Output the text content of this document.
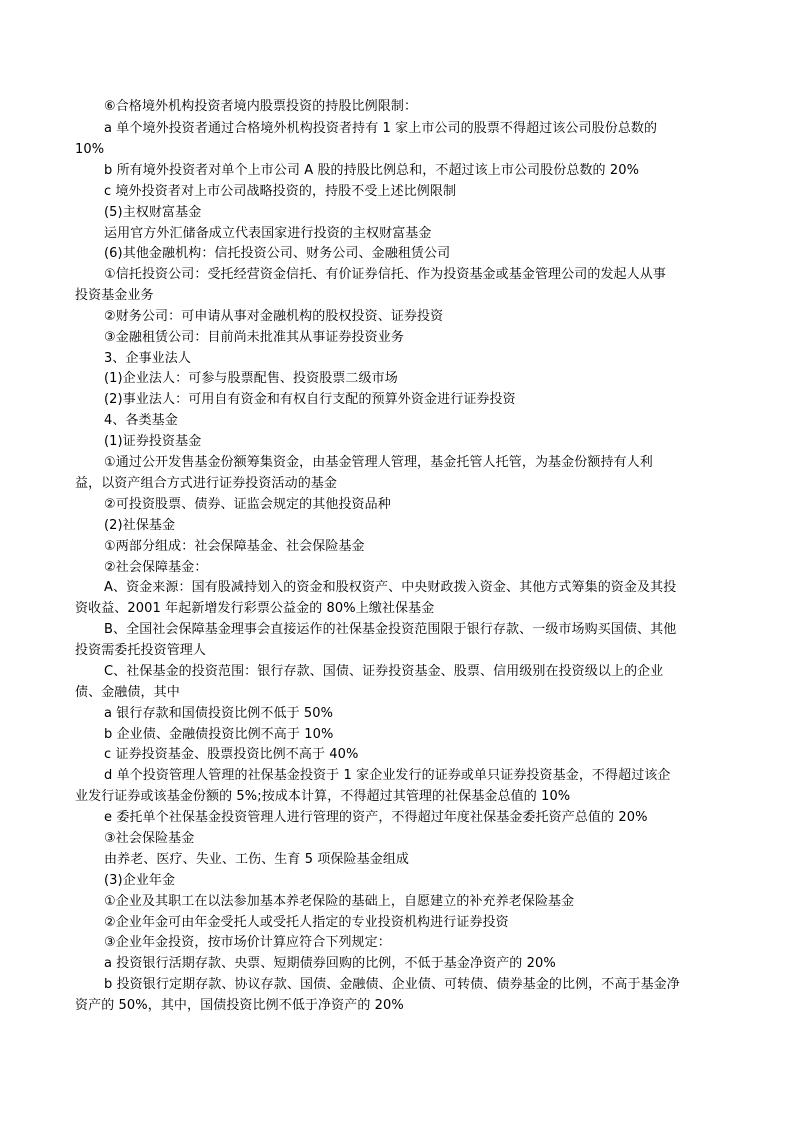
⑥合格境外机构投资者境内股票投资的持股比例限制：
a 单个境外投资者通过合格境外机构投资者持有 1 家上市公司的股票不得超过该公司股份总数的
10%
b 所有境外投资者对单个上市公司 A 股的持股比例总和，不超过该上市公司股份总数的 20%
c 境外投资者对上市公司战略投资的，持股不受上述比例限制
(5)主权财富基金
运用官方外汇储备成立代表国家进行投资的主权财富基金
(6)其他金融机构：信托投资公司、财务公司、金融租赁公司
①信托投资公司：受托经营资金信托、有价证券信托、作为投资基金或基金管理公司的发起人从事
投资基金业务
②财务公司：可申请从事对金融机构的股权投资、证券投资
③金融租赁公司：目前尚未批准其从事证券投资业务
3、企事业法人
(1)企业法人：可参与股票配售、投资股票二级市场
(2)事业法人：可用自有资金和有权自行支配的预算外资金进行证券投资
4、各类基金
(1)证券投资基金
①通过公开发售基金份额筹集资金，由基金管理人管理，基金托管人托管，为基金份额持有人利
益，以资产组合方式进行证券投资活动的基金
②可投资股票、债券、证监会规定的其他投资品种
(2)社保基金
①两部分组成：社会保障基金、社会保险基金
②社会保障基金：
A、资金来源：国有股减持划入的资金和股权资产、中央财政拨入资金、其他方式筹集的资金及其投
资收益、2001 年起新增发行彩票公益金的 80%上缴社保基金
B、全国社会保障基金理事会直接运作的社保基金投资范围限于银行存款、一级市场购买国债、其他
投资需委托投资管理人
C、社保基金的投资范围：银行存款、国债、证券投资基金、股票、信用级别在投资级以上的企业
债、金融债，其中
a 银行存款和国债投资比例不低于 50%
b 企业债、金融债投资比例不高于 10%
c 证券投资基金、股票投资比例不高于 40%
d 单个投资管理人管理的社保基金投资于 1 家企业发行的证券或单只证券投资基金，不得超过该企
业发行证券或该基金份额的 5%;按成本计算，不得超过其管理的社保基金总值的 10%
e 委托单个社保基金投资管理人进行管理的资产，不得超过年度社保基金委托资产总值的 20%
③社会保险基金
由养老、医疗、失业、工伤、生育 5 项保险基金组成
(3)企业年金
①企业及其职工在以法参加基本养老保险的基础上，自愿建立的补充养老保险基金
②企业年金可由年金受托人或受托人指定的专业投资机构进行证券投资
③企业年金投资，按市场价计算应符合下列规定：
a 投资银行活期存款、央票、短期债券回购的比例，不低于基金净资产的 20%
b 投资银行定期存款、协议存款、国债、金融债、企业债、可转债、债券基金的比例，不高于基金净
资产的 50%，其中，国债投资比例不低于净资产的 20%
